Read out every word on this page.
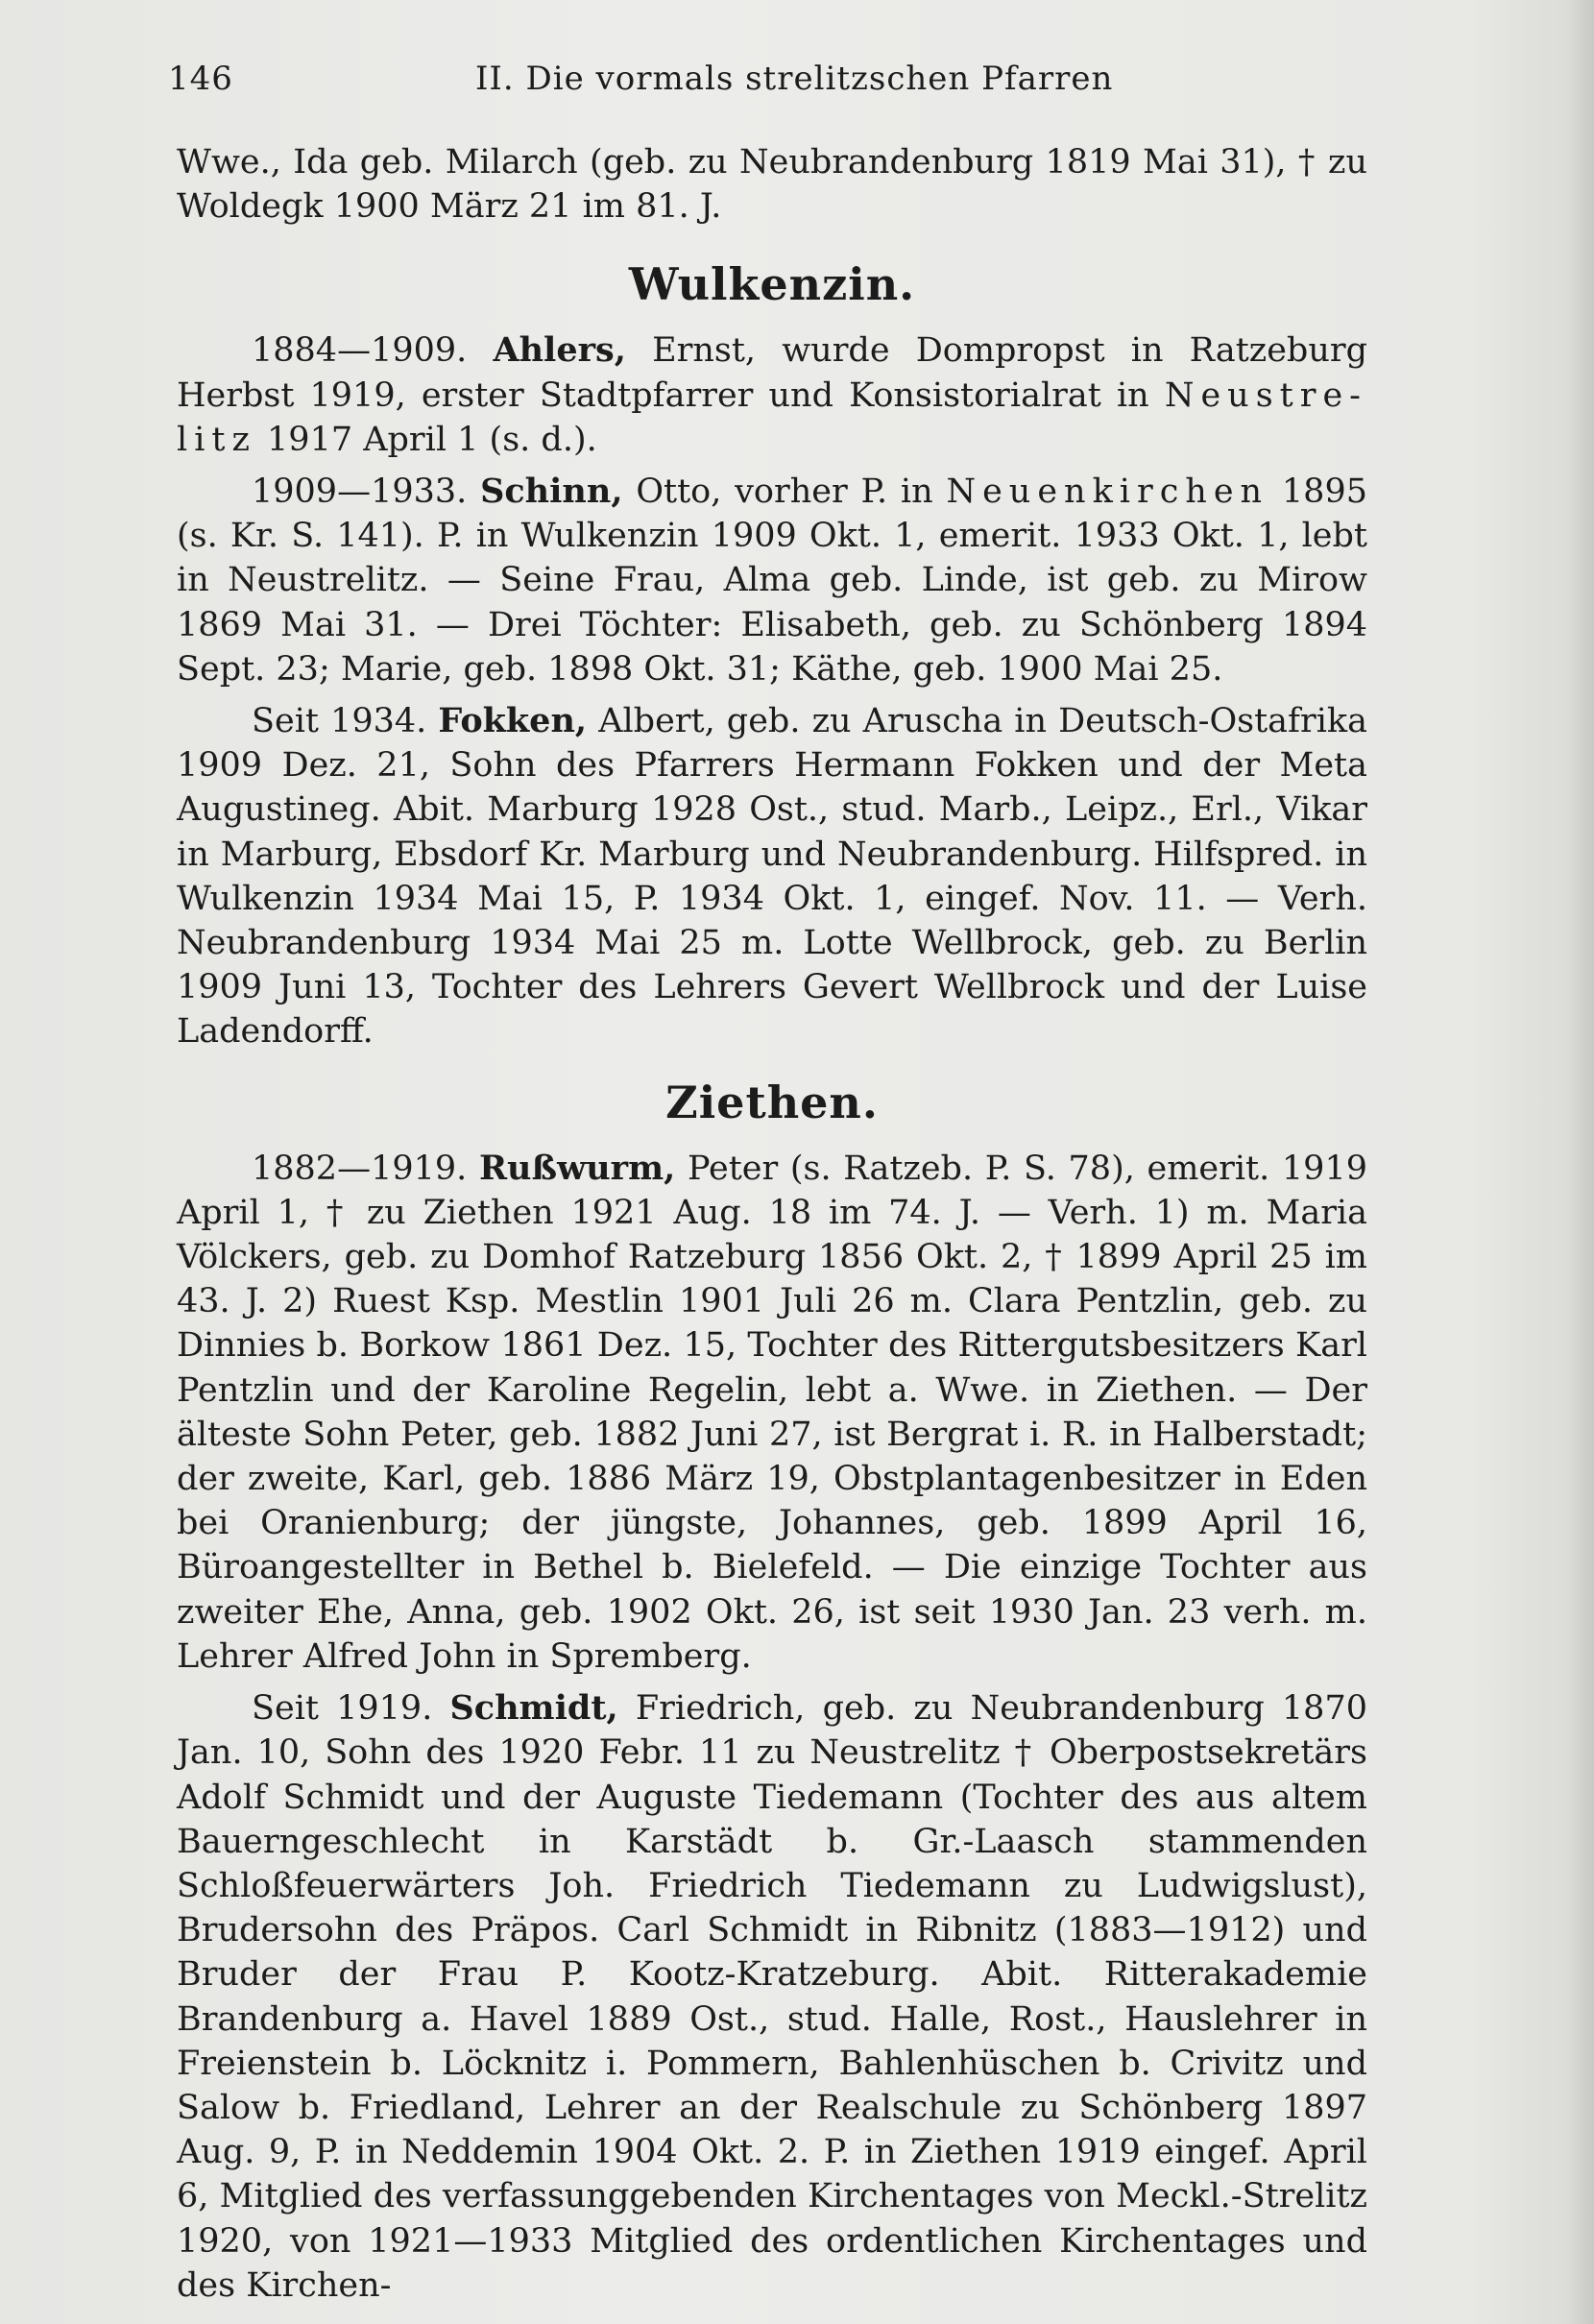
146	II. Die vormals strelitzschen Pfarren

Wwe., Ida geb. Milarch (geb. zu Neubrandenburg 1819 Mai 31), † zu Woldegk 1900 März 21 im 81. J.

Wulkenzin.

1884—1909. Ahlers, Ernst, wurde Dompropst in Ratzeburg Herbst 1919, erster Stadtpfarrer und Konsistorialrat in Neustre-litz 1917 April 1 (s. d.).

1909—1933. Schinn, Otto, vorher P. in Neuenkirchen 1895 (s. Kr. S. 141). P. in Wulkenzin 1909 Okt. 1, emerit. 1933 Okt. 1, lebt in Neustrelitz. — Seine Frau, Alma geb. Linde, ist geb. zu Mirow 1869 Mai 31. — Drei Töchter: Elisabeth, geb. zu Schönberg 1894 Sept. 23; Marie, geb. 1898 Okt. 31; Käthe, geb. 1900 Mai 25.

Seit 1934. Fokken, Albert, geb. zu Aruscha in Deutsch-Ostafrika 1909 Dez. 21, Sohn des Pfarrers Hermann Fokken und der Meta Augustineg. Abit. Marburg 1928 Ost., stud. Marb., Leipz., Erl., Vikar in Marburg, Ebsdorf Kr. Marburg und Neubrandenburg. Hilfspred. in Wulkenzin 1934 Mai 15, P. 1934 Okt. 1, eingef. Nov. 11. — Verh. Neubrandenburg 1934 Mai 25 m. Lotte Wellbrock, geb. zu Berlin 1909 Juni 13, Tochter des Lehrers Gevert Wellbrock und der Luise Ladendorff.

Ziethen.

1882—1919. Rußwurm, Peter (s. Ratzeb. P. S. 78), emerit. 1919 April 1, † zu Ziethen 1921 Aug. 18 im 74. J. — Verh. 1) m. Maria Völckers, geb. zu Domhof Ratzeburg 1856 Okt. 2, † 1899 April 25 im 43. J. 2) Ruest Ksp. Mestlin 1901 Juli 26 m. Clara Pentzlin, geb. zu Dinnies b. Borkow 1861 Dez. 15, Tochter des Rittergutsbesitzers Karl Pentzlin und der Karoline Regelin, lebt a. Wwe. in Ziethen. — Der älteste Sohn Peter, geb. 1882 Juni 27, ist Bergrat i. R. in Halberstadt; der zweite, Karl, geb. 1886 März 19, Obstplantagenbesitzer in Eden bei Oranienburg; der jüngste, Johannes, geb. 1899 April 16, Büroangestellter in Bethel b. Bielefeld. — Die einzige Tochter aus zweiter Ehe, Anna, geb. 1902 Okt. 26, ist seit 1930 Jan. 23 verh. m. Lehrer Alfred John in Spremberg.

Seit 1919. Schmidt, Friedrich, geb. zu Neubrandenburg 1870 Jan. 10, Sohn des 1920 Febr. 11 zu Neustrelitz † Oberpostsekretärs Adolf Schmidt und der Auguste Tiedemann (Tochter des aus altem Bauerngeschlecht in Karstädt b. Gr.-Laasch stammenden Schloßfeuerwärters Joh. Friedrich Tiedemann zu Ludwigslust), Brudersohn des Präpos. Carl Schmidt in Ribnitz (1883—1912) und Bruder der Frau P. Kootz-Kratzeburg. Abit. Ritterakademie Brandenburg a. Havel 1889 Ost., stud. Halle, Rost., Hauslehrer in Freienstein b. Löcknitz i. Pommern, Bahlenhüschen b. Crivitz und Salow b. Friedland, Lehrer an der Realschule zu Schönberg 1897 Aug. 9, P. in Neddemin 1904 Okt. 2. P. in Ziethen 1919 eingef. April 6, Mitglied des verfassunggebenden Kirchentages von Meckl.-Strelitz 1920, von 1921—1933 Mitglied des ordentlichen Kirchentages und des Kirchen-
